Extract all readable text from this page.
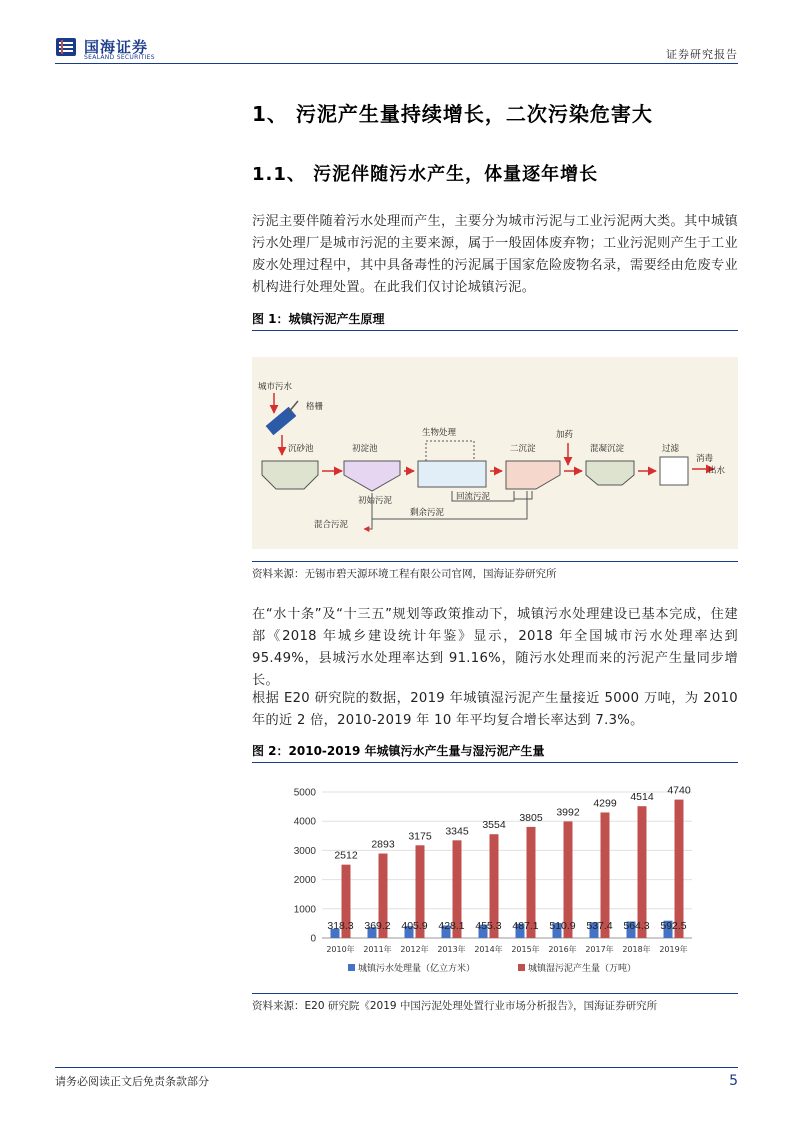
国海证券
SEALAND SECURITIES	证券研究报告
1、 污泥产生量持续增长，二次污染危害大
1.1、 污泥伴随污水产生，体量逐年增长
污泥主要伴随着污水处理而产生，主要分为城市污泥与工业污泥两大类。其中城镇污水处理厂是城市污泥的主要来源，属于一般固体废弃物；工业污泥则产生于工业废水处理过程中，其中具备毒性的污泥属于国家危险废物名录，需要经由危废专业机构进行处理处置。在此我们仅讨论城镇污泥。
图 1：城镇污泥产生原理
城市污水
格栅
沉砂池	初淀池
初始污泥
生物处理
回流污泥
二沉淀
加药
混凝沉淀	过滤
消毒
出水
剩余污泥
混合污泥
资料来源：无锡市碧天源环境工程有限公司官网，国海证券研究所
在“水十条”及“十三五”规划等政策推动下，城镇污水处理建设已基本完成，住建部《2018 年城乡建设统计年鉴》显示，2018 年全国城市污水处理率达到 95.49%，县城污水处理率达到 91.16%，随污水处理而来的污泥产生量同步增长。
根据 E20 研究院的数据，2019 年城镇湿污泥产生量接近 5000 万吨，为 2010 年的近 2 倍，2010-2019 年 10 年平均复合增长率达到 7.3%。
图 2：2010-2019 年城镇污水产生量与湿污泥产生量
0
1000
2000
3000
4000
5000
318.3
2512
369.2
2893
405.9
3175
428.1
3345
455.3
3554
487.1
3805
510.9
3992
537.4
4299
564.3
4514
592.5
4740
2010年 2011年 2012年 2013年 2014年 2015年 2016年 2017年 2018年 2019年
城镇污水处理量（亿立方米）	城镇湿污泥产生量（万吨）
资料来源：E20 研究院《2019 中国污泥处理处置行业市场分析报告》，国海证券研究所
请务必阅读正文后免责条款部分	5
